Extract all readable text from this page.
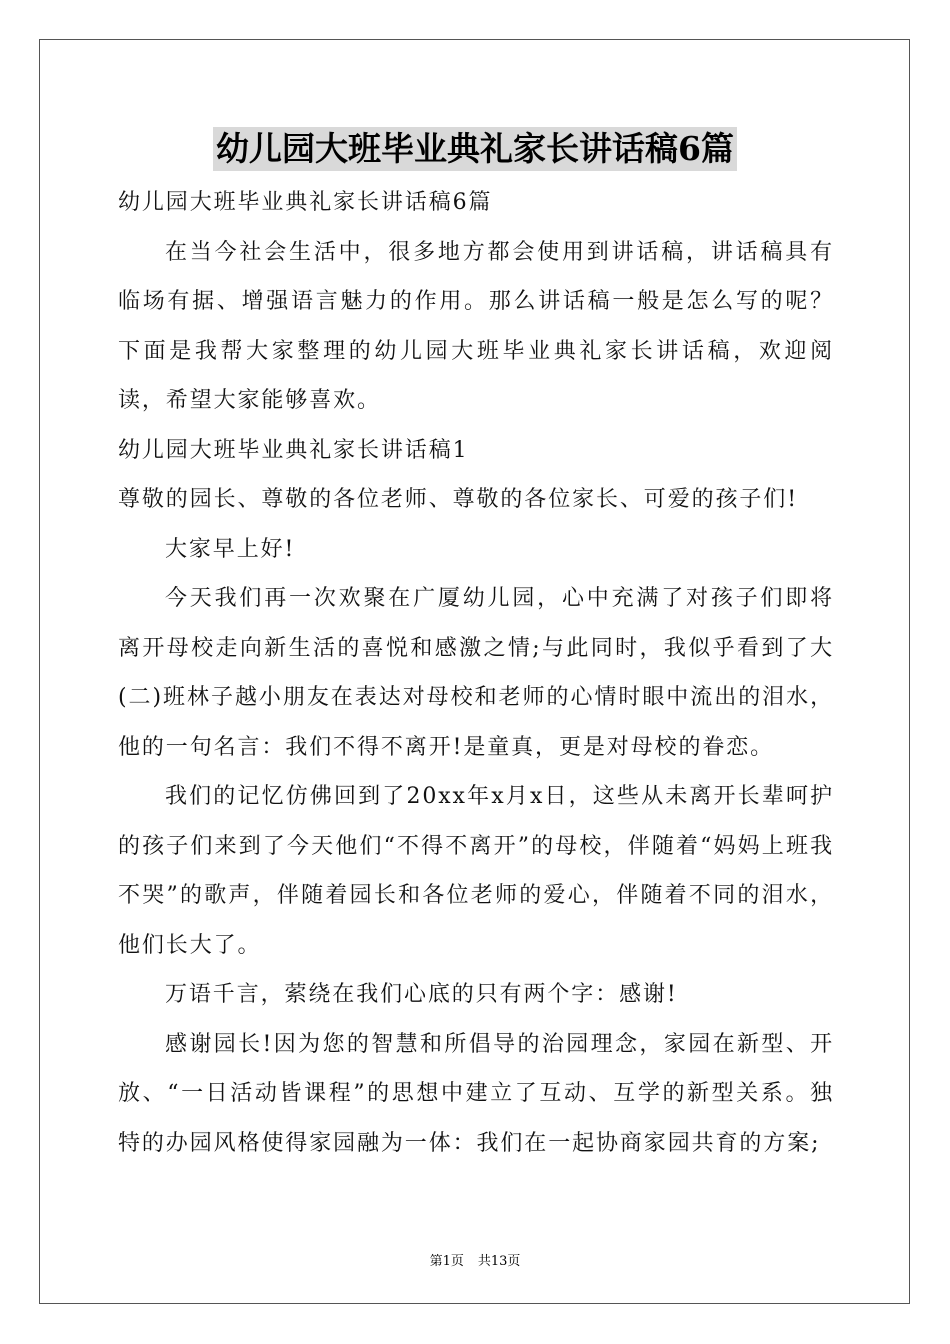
幼儿园大班毕业典礼家长讲话稿6篇

幼儿园大班毕业典礼家长讲话稿6篇

在当今社会生活中，很多地方都会使用到讲话稿，讲话稿具有临场有据、增强语言魅力的作用。那么讲话稿一般是怎么写的呢？下面是我帮大家整理的幼儿园大班毕业典礼家长讲话稿，欢迎阅读，希望大家能够喜欢。

幼儿园大班毕业典礼家长讲话稿1

尊敬的园长、尊敬的各位老师、尊敬的各位家长、可爱的孩子们!

大家早上好!

今天我们再一次欢聚在广厦幼儿园，心中充满了对孩子们即将离开母校走向新生活的喜悦和感激之情;与此同时，我似乎看到了大(二)班林子越小朋友在表达对母校和老师的心情时眼中流出的泪水，他的一句名言：我们不得不离开!是童真，更是对母校的眷恋。

我们的记忆仿佛回到了20xx年x月x日，这些从未离开长辈呵护的孩子们来到了今天他们“不得不离开”的母校，伴随着“妈妈上班我不哭”的歌声，伴随着园长和各位老师的爱心，伴随着不同的泪水，他们长大了。

万语千言，萦绕在我们心底的只有两个字：感谢!

感谢园长!因为您的智慧和所倡导的治园理念，家园在新型、开放、“一日活动皆课程”的思想中建立了互动、互学的新型关系。独特的办园风格使得家园融为一体：我们在一起协商家园共育的方案;

第1页 共13页
